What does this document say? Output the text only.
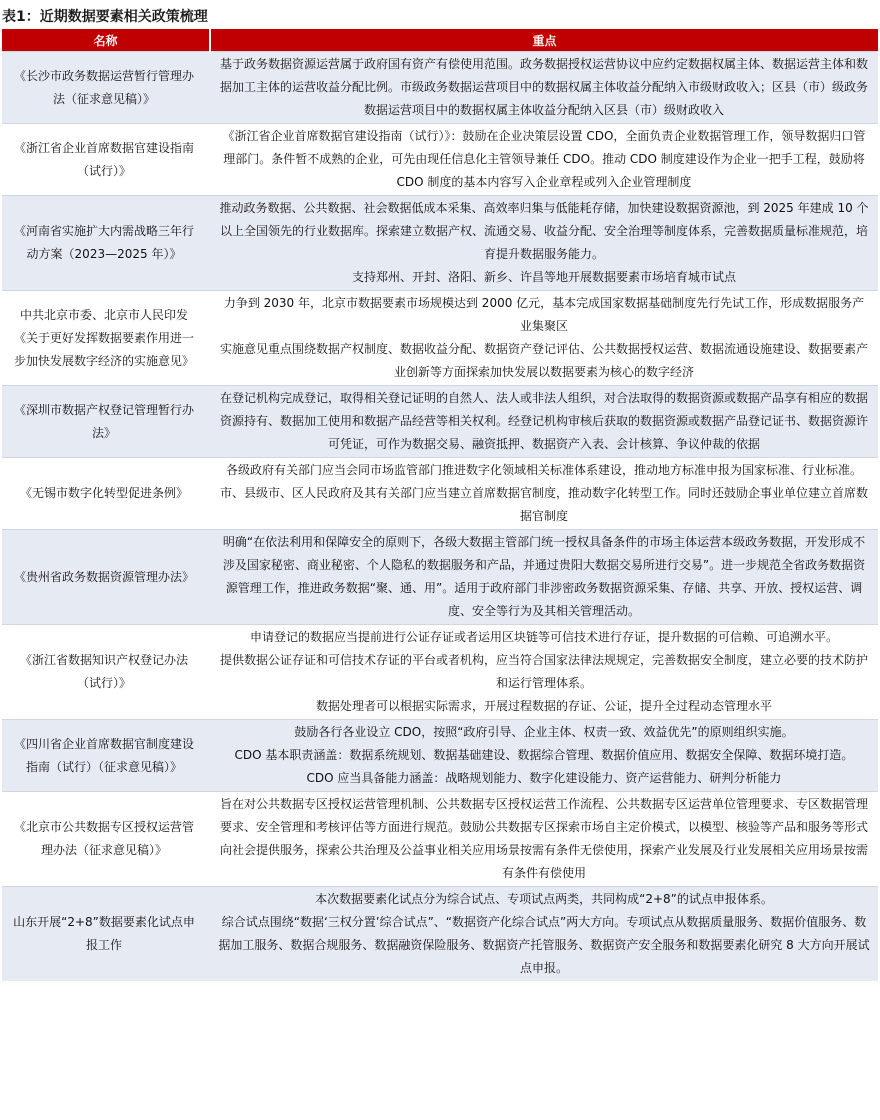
表1：近期数据要素相关政策梳理
名称	重点
《长沙市政务数据运营暂行管理办法（征求意见稿）》	基于政务数据资源运营属于政府国有资产有偿使用范围。政务数据授权运营协议中应约定数据权属主体、数据运营主体和数据加工主体的运营收益分配比例。市级政务数据运营项目中的数据权属主体收益分配纳入市级财政收入；区县（市）级政务数据运营项目中的数据权属主体收益分配纳入区县（市）级财政收入

《浙江省企业首席数据官建设指南（试行）》	《浙江省企业首席数据官建设指南（试行）》：鼓励在企业决策层设置 CDO，全面负责企业数据管理工作，领导数据归口管理部门。条件暂不成熟的企业，可先由现任信息化主管领导兼任 CDO。推动 CDO 制度建设作为企业一把手工程，鼓励将 CDO 制度的基本内容写入企业章程或列入企业管理制度

《河南省实施扩大内需战略三年行动方案（2023—2025 年）》	推动政务数据、公共数据、社会数据低成本采集、高效率归集与低能耗存储，加快建设数据资源池，到 2025 年建成 10 个以上全国领先的行业数据库。探索建立数据产权、流通交易、收益分配、安全治理等制度体系，完善数据质量标准规范，培育提升数据服务能力。
支持郑州、开封、洛阳、新乡、许昌等地开展数据要素市场培育城市试点

中共北京市委、北京市人民印发《关于更好发挥数据要素作用进一步加快发展数字经济的实施意见》	力争到 2030 年，北京市数据要素市场规模达到 2000 亿元，基本完成国家数据基础制度先行先试工作，形成数据服务产业集聚区
实施意见重点围绕数据产权制度、数据收益分配、数据资产登记评估、公共数据授权运营、数据流通设施建设、数据要素产业创新等方面探索加快发展以数据要素为核心的数字经济

《深圳市数据产权登记管理暂行办法》	在登记机构完成登记，取得相关登记证明的自然人、法人或非法人组织，对合法取得的数据资源或数据产品享有相应的数据资源持有、数据加工使用和数据产品经营等相关权利。经登记机构审核后获取的数据资源或数据产品登记证书、数据资源许可凭证，可作为数据交易、融资抵押、数据资产入表、会计核算、争议仲裁的依据

《无锡市数字化转型促进条例》	各级政府有关部门应当会同市场监管部门推进数字化领域相关标准体系建设，推动地方标准申报为国家标准、行业标准。市、县级市、区人民政府及其有关部门应当建立首席数据官制度，推动数字化转型工作。同时还鼓励企事业单位建立首席数据官制度

《贵州省政务数据资源管理办法》	明确“在依法利用和保障安全的原则下，各级大数据主管部门统一授权具备条件的市场主体运营本级政务数据，开发形成不涉及国家秘密、商业秘密、个人隐私的数据服务和产品，并通过贵阳大数据交易所进行交易”。进一步规范全省政务数据资源管理工作，推进政务数据“聚、通、用”。适用于政府部门非涉密政务数据资源采集、存储、共享、开放、授权运营、调度、安全等行为及其相关管理活动。

《浙江省数据知识产权登记办法（试行）》	申请登记的数据应当提前进行公证存证或者运用区块链等可信技术进行存证，提升数据的可信赖、可追溯水平。
提供数据公证存证和可信技术存证的平台或者机构，应当符合国家法律法规规定，完善数据安全制度，建立必要的技术防护和运行管理体系。
数据处理者可以根据实际需求，开展过程数据的存证、公证，提升全过程动态管理水平

《四川省企业首席数据官制度建设指南（试行）（征求意见稿）》	鼓励各行各业设立 CDO，按照“政府引导、企业主体、权责一致、效益优先”的原则组织实施。
CDO 基本职责涵盖：数据系统规划、数据基础建设、数据综合管理、数据价值应用、数据安全保障、数据环境打造。
CDO 应当具备能力涵盖：战略规划能力、数字化建设能力、资产运营能力、研判分析能力

《北京市公共数据专区授权运营管理办法（征求意见稿）》	旨在对公共数据专区授权运营管理机制、公共数据专区授权运营工作流程、公共数据专区运营单位管理要求、专区数据管理要求、安全管理和考核评估等方面进行规范。鼓励公共数据专区探索市场自主定价模式，以模型、核验等产品和服务等形式向社会提供服务，探索公共治理及公益事业相关应用场景按需有条件无偿使用，探索产业发展及行业发展相关应用场景按需有条件有偿使用

山东开展“2+8”数据要素化试点申报工作	本次数据要素化试点分为综合试点、专项试点两类，共同构成“2+8”的试点申报体系。
综合试点围绕“数据‘三权分置’综合试点”、“数据资产化综合试点”两大方向。专项试点从数据质量服务、数据价值服务、数据加工服务、数据合规服务、数据融资保险服务、数据资产托管服务、数据资产安全服务和数据要素化研究 8 大方向开展试点申报。
